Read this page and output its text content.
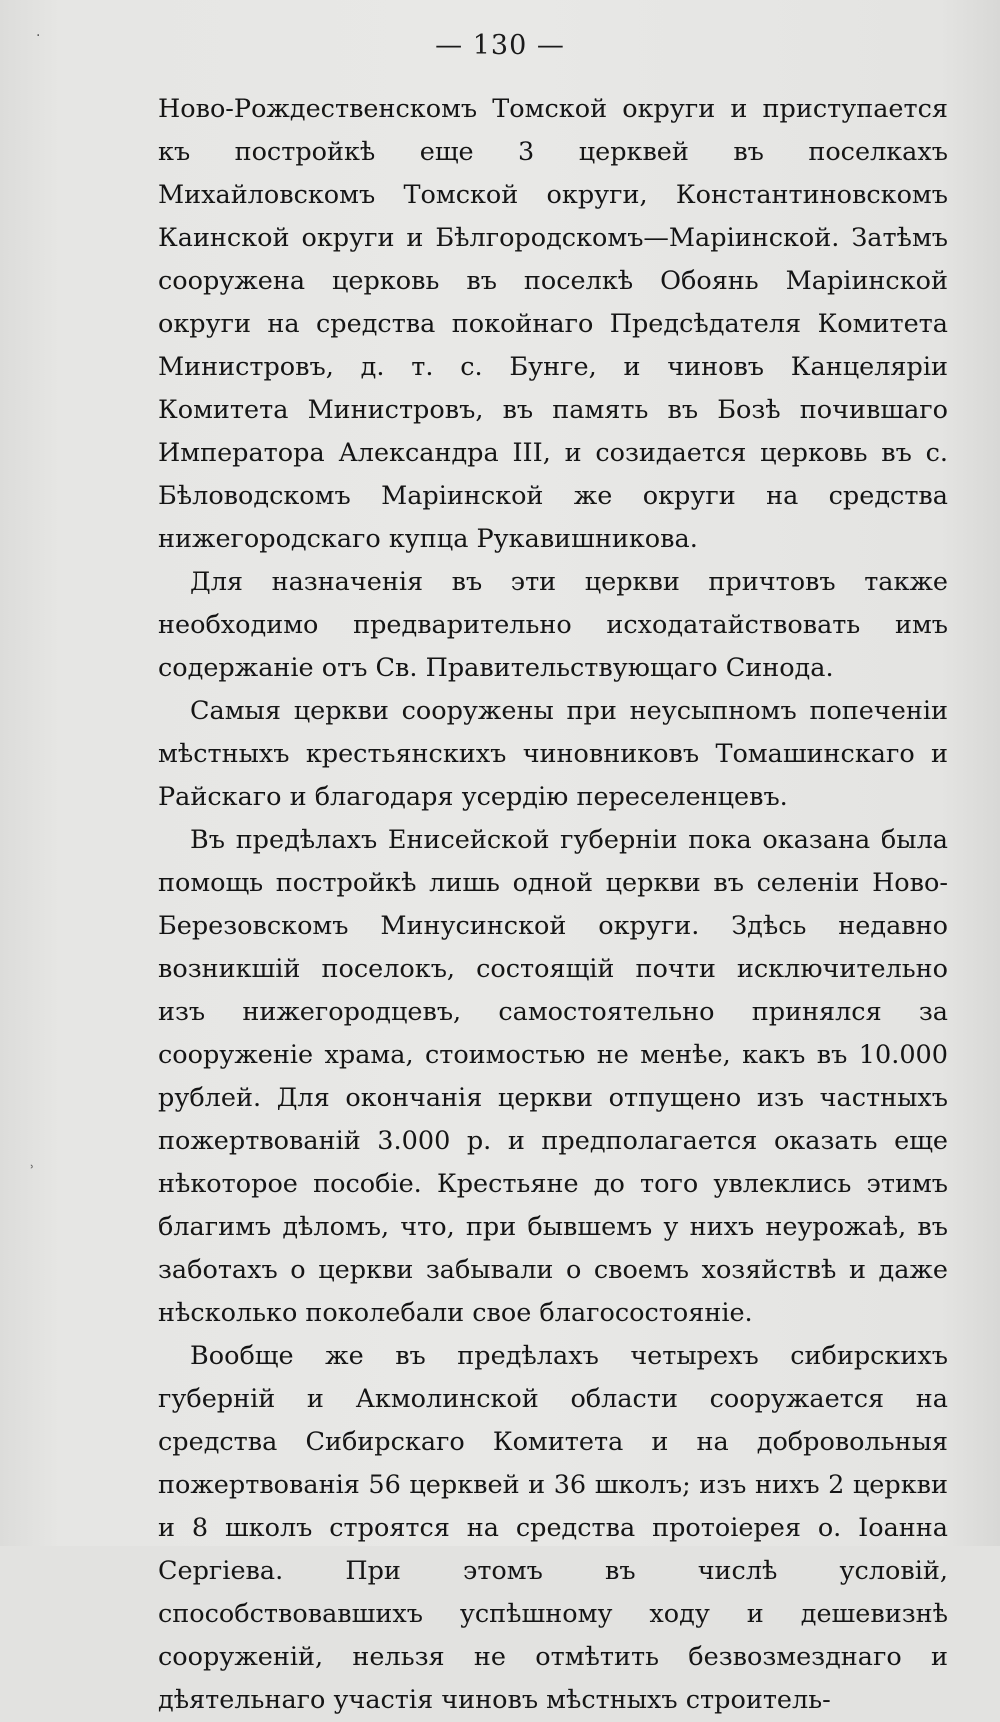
— 130 —

Ново-Рождественскомъ Томской округи и приступается къ постройкѣ еще 3 церквей въ поселкахъ Михайловскомъ Томской округи, Константиновскомъ Каинской округи и Бѣлгородскомъ—Маріинской. Затѣмъ сооружена церковь въ поселкѣ Обоянь Маріинской округи на средства покойнаго Предсѣдателя Комитета Министровъ, д. т. с. Бунге, и чиновъ Канцеляріи Комитета Министровъ, въ память въ Бозѣ почившаго Императора Александра III, и созидается церковь въ с. Бѣловодскомъ Маріинской же округи на средства нижегородскаго купца Рукавишникова.

Для назначенія въ эти церкви причтовъ также необходимо предварительно исходатайствовать имъ содержаніе отъ Св. Правительствующаго Синода.

Самыя церкви сооружены при неусыпномъ попеченіи мѣстныхъ крестьянскихъ чиновниковъ Томашинскаго и Райскаго и благодаря усердію переселенцевъ.

Въ предѣлахъ Енисейской губерніи пока оказана была помощь постройкѣ лишь одной церкви въ селеніи Ново-Березовскомъ Минусинской округи. Здѣсь недавно возникшій поселокъ, состоящій почти исключительно изъ нижегородцевъ, самостоятельно принялся за сооруженіе храма, стоимостью не менѣе, какъ въ 10.000 рублей. Для окончанія церкви отпущено изъ частныхъ пожертвованій 3.000 р. и предполагается оказать еще нѣкоторое пособіе. Крестьяне до того увлеклись этимъ благимъ дѣломъ, что, при бывшемъ у нихъ неурожаѣ, въ заботахъ о церкви забывали о своемъ хозяйствѣ и даже нѣсколько поколебали свое благосостояніе.

Вообще же въ предѣлахъ четырехъ сибирскихъ губерній и Акмолинской области сооружается на средства Сибирскаго Комитета и на добровольныя пожертвованія 56 церквей и 36 школъ; изъ нихъ 2 церкви и 8 школъ строятся на средства протоіерея о. Іоанна Сергіева. При этомъ въ числѣ условій, способствовавшихъ успѣшному ходу и дешевизнѣ сооруженій, нельзя не отмѣтить безвозмезднаго и дѣятельнаго участія чиновъ мѣстныхъ строитель-

·
˒
